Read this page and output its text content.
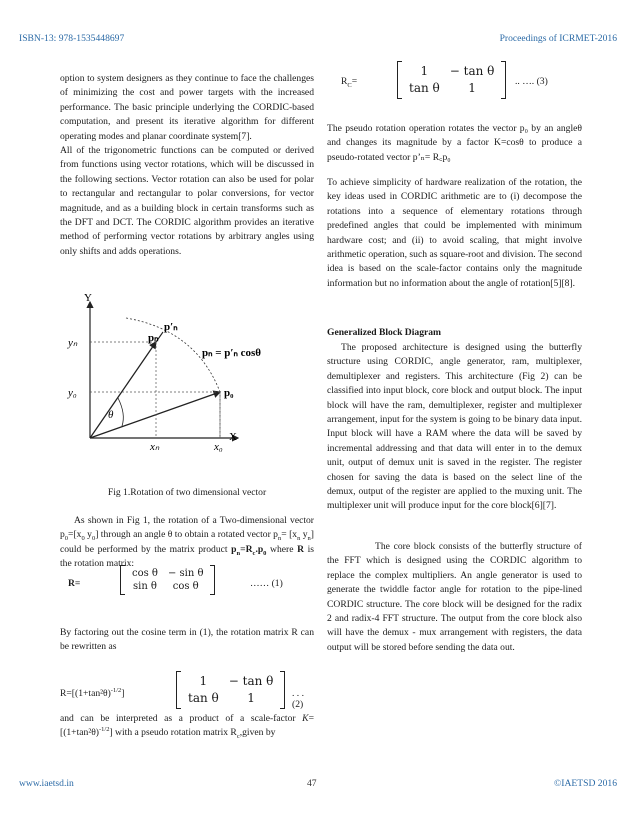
ISBN-13: 978-1535448697	Proceedings of ICRMET-2016
www.iaetsd.in	47	©IAETSD 2016

option to system designers as they continue to face the challenges of minimizing the cost and power targets with the increased performance. The basic principle underlying the CORDIC-based computation, and present its iterative algorithm for different operating modes and planar coordinate system[7].

All of the trigonometric functions can be computed or derived from functions using vector rotations, which will be discussed in the following sections. Vector rotation can also be used for polar to rectangular and rectangular to polar conversions, for vector magnitude, and as a building block in certain transforms such as the DFT and DCT. The CORDIC algorithm provides an iterative method of performing vector rotations by arbitrary angles using only shifts and adds operations.

Y
X
θ
yₙ
y₀
xₙ	x₀
p′ₙ
pₙ
p₀
pₙ = p′ₙ cosθ
Fig 1.Rotation of two dimensional vector

As shown in Fig 1, the rotation of a Two-dimensional vector $p_0=[x_0$ $y_0$] through an angle θ to obtain a rotated vector $p_n= [x_n$ $y_n$] could be performed by the matrix product $p_n=R_c.p_0$ where R is the rotation matrix:

R=
cos θ	− sin θ
sin θ	cos θ	…… (1)
By factoring out the cosine term in (1), the rotation matrix R can be rewritten as
$R=[(1+\tan^2\theta)^{-1/2}]$
1	− tan θ
tan θ	1	. . .(2)
and can be interpreted as a product of a scale-factor $K=[(1+\tan^2\theta)^{-1/2}]$ with a pseudo rotation matrix $R_c,given$ by
$R_C=$
1	− tan θ
tan θ	1	.. …. (3)
The pseudo rotation operation rotates the vector p₀ by an angleθ and changes its magnitude by a factor K=cosθ to produce a pseudo-rotated vector p’ₙ= R꜀p₀
To achieve simplicity of hardware realization of the rotation, the key ideas used in CORDIC arithmetic are to (i) decompose the rotations into a sequence of elementary rotations through predefined angles that could be implemented with minimum hardware cost; and (ii) to avoid scaling, that might involve arithmetic operation, such as square-root and division. The second idea is based on the scale-factor contains only the magnitude information but no information about the angle of rotation[5][8].
Generalized Block Diagram

The proposed architecture is designed using the butterfly structure using CORDIC, angle generator, ram, multiplexer, demultiplexer and registers. This architecture (Fig 2) can be classified into input block, core block and output block. The input block will have the ram, demultiplexer, register and multiplexer arrangement, input for the system is going to be binary data input. Input block will have a RAM where the data will be saved by incremental addressing and that data will enter in to the demux unit, output of demux unit is saved in the register. The register chosen for saving the data is based on the select line of the demux, output of the register are applied to the muxing unit. The multiplexer unit will produce input for the core block[6][7].

The core block consists of the butterfly structure of the FFT which is designed using the CORDIC algorithm to replace the complex multipliers. An angle generator is used to generate the twiddle factor angle for rotation to the pipe-lined CORDIC structure. The core block will be designed for the radix 2 and radix-4 FFT structure. The output from the core block also will have the demux - mux arrangement with registers, the data output will be stored before sending the data out.
